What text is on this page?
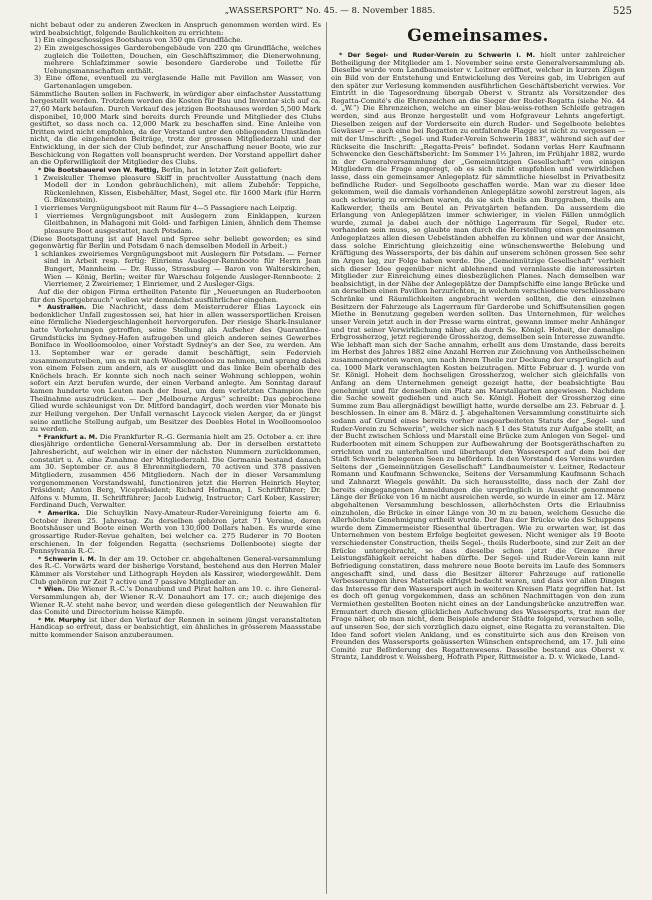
„WASSERSPORT“ No. 45. — 8. November 1885.	525

nicht bebaut oder zu anderen Zwecken in Anspruch genommen werden wird. Es wird beabsichtigt, folgende Baulichkeiten zu errichten:

1) Ein eingeschossiges Bootshaus von 350 qm Grundfläche.

2) Ein zweigeschossiges Garderobengebäude von 220 qm Grundfläche, welches zugleich die Toiletten, Douchen, ein Geschäftszimmer, die Dienerwohnung, mehrere Schlafzimmer sowie besondere Garderobe und Toilette für Uebungsmannschaften enthält.

3) Eine offene, eventuell zu verglasende Halle mit Pavillon am Wasser, von Gartenanlagen umgeben.

Sämmtliche Bauten sollen in Fachwerk, in würdiger aber einfachster Ausstattung hergestellt werden. Trotzdem werden die Kosten für Bau und Inventar sich auf ca. 27,60 Mark belaufen. Durch Verkauf des jetzigen Bootshauses werden 5,500 Mark disponibel, 10,000 Mark sind bereits durch Freunde und Mitglieder des Clubs gestiftet, so dass noch ca. 12,000 Mark zu beschaffen sind. Eine Anleihe von Dritten wird nicht empfohlen, da der Vorstand unter den obliegenden Umständen nicht, da die eingehenden Beiträge, trotz der grossen Mitgliederzahl und der Entwicklung, in der sich der Club befindet, zur Anschaffung neuer Boote, wie zur Beschickung von Regatten voll beansprucht werden. Der Vorstand appellirt daher an die Opferwilligkeit der Mitglieder des Clubs.

* Die Bootsbauerei von W. Rettig, Berlin, hat in letzter Zeit geliefert:

1 Zweiskuller Themse pleasure Skiff in prachtvoller Ausstattung (nach dem Modell der in London gebräuchlichen), mit allem Zubehör: Teppiche, Rückenlehnen, Kissen, Eisbehälter, Mast, Segel etc. für 1600 Mark (für Herrn G. Büxenstein).

1 vierriemes Vergnügungsboot mit Raum für 4—5 Passagiere nach Leipzig.

1 vierriemes Vergnügungsboot mit Auslegern zum Einklappen, kurzen Gleitbahnen, in Mahagoni mit Gold- und farbigen Linien, ähnlich dem Themse pleasure Boot ausgestattet, nach Potsdam.

(Diese Bootsgattung ist auf Havel und Spree sehr beliebt geworden; es sind gegenwärtig für Berlin und Potsdam 6 nach demselben Modell in Arbeit.)

1 schlankes zweiriemes Vergnügungsboot mit Auslegern für Potsdam. — Ferner sind in Arbeit resp. fertig: Einriems Ausleger-Rennboote für Herrn Jean Bungert, Mannheim — Dr. Russo, Strassburg — Baron von Walterskirchen, Wien — König, Berlin; weiter für Warschau folgende Ausleger-Rennboote: 2 Vierriemer, 2 Zweiriemer, 1 Einriemer, und 2 Ausleger-Gigs.

Auf die der obigen Firma ertheilten Patente für „Neuerungen an Ruderbooten für den Sportgebrauch“ wollen wir demnächst ausführlicher eingehen.

* Australien. Die Nachricht, dass dem Meisterruderer Elias Laycock ein bedenklicher Unfall zugestossen sei, hat hier in allen wassersportlichen Kreisen eine förmliche Niedergeschlagenheit hervorgerufen. Der riesige Shark-Insulaner hatte Vorkehrungen getroffen, seine Stellung als Aufseher des Quarantäne-Grundstücks im Sydney-Hafen aufzugeben und gleich anderen seines Gewerbes Boniface in Woolloomooloo, einer Vorstadt Sydney's an der See, zu werden. Am 13. September war er gerade damit beschäftigt, sein Federvieh zusammenzutreiben, um es mit nach Woolloomooloo zu nehmen, und sprang dabei von einem Felsen zum andern, als er ausglitt und das linke Bein oberhalb des Knöchels brach. Er konnte sich noch nach seiner Wohnung schleppen, wohin sofort ein Arzt berufen wurde, der einen Verband anlegte. Am Sonntag darauf kamen hunderte von Leuten nach der Insel, um dem verletzten Champion ihre Theilnahme auszudrücken. — Der „Melbourne Argus“ schreibt: Das gebrochene Glied wurde schleunigst von Dr. Mitford bandagirt, doch werden vier Monate bis zur Heilung vergehen. Der Unfall vernascht Laycock vielen Aerger, da er jüngst seine amtliche Stellung aufgab, um Besitzer des Deebles Hotel in Woolloomooloo zu werden.

* Frankfurt a. M. Die Frankfurter R.-G. Germania hielt am 25. October a. cr. ihre diesjährige ordentliche General-Versammlung ab. Der in derselben erstattete Jahresbericht, auf welchen wir in einer der nächsten Nummern zurückkommen, constatirt u. A. eine Zunahme der Mitgliederzahl. Die Germania bestand danach am 30. September cr. aus 8 Ehrenmitgliedern, 70 activen und 378 passiven Mitgliedern, zusammen 456 Mitgliedern. Nach der in dieser Versammlung vorgenommenen Vorstandswahl, functioniren jetzt die Herren Heinrich Heyter, Präsident; Anton Berg, Vicepräsident; Richard Hofmann, I. Schriftführer; Dr. Alfons v. Mumm, II. Schriftführer; Jacob Ludwig, Instructor; Carl Kober, Kassirer; Ferdinand Duch, Verwalter.

* Amerika. Die Schuylkin Navy-Amateur-Ruder-Vereinigung feierte am 6. October ihren 25. Jahrestag. Zu derselben gehören jetzt 71 Vereine, deren Bootshäuser und Boote einen Werth von 130,000 Dollars haben. Es wurde eine grossartige Ruder-Revue gehalten, bei welcher ca. 275 Ruderer in 70 Booten erschienen. In der folgenden Regatta (sechsriems Dollenboote) siegte der Pennsylvania R.-C.

* Schwerin i. M. In der am 19. October cr. abgehaltenen General-versammlung des R.-C. Vorwärts ward der bisherige Vorstand, bestehend aus den Herren Maler Kämmer als Vorsteher und Lithograph Heyden als Kassirer, wiedergewählt. Dem Club gehören zur Zeit 7 active und 7 passive Mitglieder an.

* Wien. Die Wiener R.-C.'s Donaubund und Pirat halten am 10. c. ihre General-Versammlungen ab, der Wiener R.-V. Donauhort am 17. cr.; auch diejenige des Wiener R.-V. steht nahe bevor, und werden diese gelegentlich der Neuwahlen für das Comité und Directorium heisse Kämpfe.

* Mr. Murphy ist über den Verlauf der Rennen in seinem jüngst veranstalteten Handicap so erfreut, dass er beabsichtigt, ein ähnliches in grösserem Maassstabe mitte kommender Saison anzuberaumen.

Gemeinsames.

* Der Segel- und Ruder-Verein zu Schwerin i. M. hielt unter zahlreicher Betheiligung der Mitglieder am 1. November seine erste Generalversammlung ab. Dieselbe wurde vom Landbaumeister v. Leitner eröffnet, welcher in kurzen Zügen ein Bild von der Entstehung und Entwickelung des Vereins gab, im Uebrigen auf den später zur Verlesung kommenden ausführlichen Geschäftsbericht verwies. Vor Eintritt in die Tagesordnung übergab Oberst v. Strantz als Vorsitzender des Regatta-Comité's die Ehrenzeichen an die Sieger der Ruder-Regatta (siehe No. 44 d. „W.“) Die Ehrenzeichen, welche an einer blau-weiss-rothen Schleife getragen werden, sind aus Bronze hergestellt und vom Hofgraveur Lehnts angefertigt. Dieselben zeigen auf der Vorderseite ein durch Ruder- und Segelboote belebtes Gewässer — auch eine bei Regatten zu entfaltende Flagge ist nicht zu vergessen — mit der Umschrift: „Segel- und Ruder-Verein Schwerin 1883“, während sich auf der Rückseite die Inschrift: „Regatta-Preis“ befindet. Sodann verlas Herr Kaufmann Schwencke den Geschäftsbericht: Im Sommer 1½ Jahren, im Frühjahr 1882, wurde in der Generalversammlung der „Gemeinnützigen Gesellschaft“ von einigen Mitgliedern die Frage angeregt, ob es sich nicht empfehlen und verwirklichen lasse, dass ein gemeinsamer Anlegeplatz für sämmtliche hieselbst in Privatbesitz befindliche Ruder- und Segelboote geschaffen werde. Man war zu dieser Idee gekommen, weil die damals vorhandenen Anlegeplätze sowohl zerstreut lagen, als auch schwierig zu erreichen waren, da sie sich theils am Burggraben, theils am Kalkwerder, theils am Beutel an Privatgärten befanden. Da ausserdem die Erlangung von Anlegeplätzen immer schwieriger, in vielen Fällen unmöglich wurde, zumal ja dabei auch der nöthige Lagerraum für Segel, Ruder etc. vorhanden sein muss, so glaubte man durch die Herstellung eines gemeinsamen Anlegeplatzes allen diesen Uebelständen abhelfen zu können und war der Ansicht, dass solche Einrichtung gleichzeitig eine wünschenswerthe Belebung und Kräftigung des Wassersports, der bis dahin auf unserem schönen grossen See sehr im Argen lag, zur Folge haben werde. Die „Gemeinnützige Gesellschaft“ verhielt sich dieser Idee gegenüber nicht ablehnend und veranlasste die interessirten Mitglieder zur Einreichung eines diesbezüglichen Planes. Nach demselben war beabsichtigt, in der Nähe der Anlegeplätze der Dampfschiffe eine lange Brücke und an derselben einen Pavillon herzurichten, in welchem verschiedene verschliessbare Schränke und Räumlichkeiten angebracht werden sollten, die den einzelnen Besitzern der Fahrzeuge als Lagerraum für Garderobe und Schiffsutensilien gegen Miethe in Benutzung gegeben werden sollten. Das Unternehmen, für welches unser Verein jetzt auch in der Presse warm eintrat, gewann immer mehr Anhänger und trat seiner Verwirklichung näher, als durch Se. Königl. Hoheit, der damalige Erbgrossherzog, jetzt regierende Grossherzog, demselben sein Interesse zuwandte. Wie lebhaft man sich der Sache annahm, erhellt aus dem Umstande, dass bereits im Herbst des Jahres 1882 eine Anzahl Herren zur Zeichnung von Antheilsscheinen zusammengetreten waren, um nach ihrem Theile zur Deckung der ursprünglich auf ca. 1000 Mark veranschlagten Kosten beizutragen. Mitte Februar d. J. wurde von Sr. Königl. Hoheit dem hochseligen Grossherzog, welcher sich gleichfalls von Anfang an dem Unternehmen geneigt gezeigt hatte, der beabsichtigte Bau genehmigt und für denselben ein Platz am Marstallgarten angewiesen. Nachdem die Sache soweit gediehen und auch Se. Königl. Hoheit der Grossherzog eine Summe zum Bau allergnädigst bewilligt hatte, wurde derselbe am 23. Februar d. J. beschlossen. In einer am 8. März d. J. abgehaltenen Versammlung constituirte sich sodann auf Grund eines bereits vorher ausgearbeiteten Statuts der „Segel- und Ruder-Verein zu Schwerin“, welcher sich nach § 1 des Statuts zur Aufgabe stellt, an der Bucht zwischen Schloss und Marstall eine Brücke zum Anlegen von Segel- und Ruderbooten mit einem Schuppen zur Aufbewahrung der Bootsgeräthschaften zu errichten und zu unterhalten und überhaupt den Wassersport auf dem bei der Stadt Schwerin belegenen Seen zu befördern. In den Vorstand des Vereins wurden Seitens der „Gemeinnützigen Gesellschaft“ Landbaumeister v. Leitner, Redacteur Romann und Kaufmann Schwencke, Seitens der Versammlung Kaufmann Schach und Zahnarzt Wiegels gewählt. Da sich herausstellte, dass nach der Zahl der bereits eingegangenen Anmeldungen die ursprünglich in Aussicht genommene Länge der Brücke von 16 m nicht ausreichen werde, so wurde in einer am 12. März abgehaltenen Versammlung beschlossen, allerhöchsten Orts die Erlaubniss einzuholen, die Brücke in einer Länge von 30 m zu bauen, welchem Gesuche die Allerhöchste Genehmigung ertheilt wurde. Der Bau der Brücke wie des Schuppens wurde dem Zimmermeister Riesenthal übertragen. Wie zu erwarten war, ist das Unternehmen von bestem Erfolge begleitet gewesen. Nicht weniger als 19 Boote verschiedenster Construction, theils Segel-, theils Ruderboote, sind zur Zeit an der Brücke untergebracht, so dass dieselbe schon jetzt die Grenze ihrer Leistungsfähigkeit erreicht haben dürfte. Der Segel- und Ruder-Verein kann mit Befriedigung constatiren, dass mehrere neue Boote bereits im Laufe des Sommers angeschafft sind, und dass die Besitzer älterer Fahrzeuge auf rationelle Verbesserungen ihres Materials eifrigst bedacht waren, und dass vor allen Dingen das Interesse für den Wassersport auch in weiteren Kreisen Platz gegriffen hat. Ist es doch oft genug vorgekommen, dass an schönen Nachmittagen von den zum Vermiethen gestellten Booten nicht eines an der Landungsbrücke anzutreffen war. Ermuntert durch diesen glücklichen Aufschwung des Wassersports, trat man der Frage näher, ob man nicht, dem Beispiele anderer Städte folgend, versuchen solle, auf unseren See, der sich vorzüglich dazu eignet, eine Regatta zu veranstalten. Die Idee fand sofort vielen Anklang, und es constituirte sich aus den Kreisen von Freunden des Wassersports geäusserten Wünschen entsprechend, am 17. Juli eine Comité zur Beförderung des Regattenwesens. Dasselbe bestand aus Oberst v. Strantz, Landdrost v. Weissberg, Hofrath Piper, Rittmeister a. D. v. Wickede, Land-
